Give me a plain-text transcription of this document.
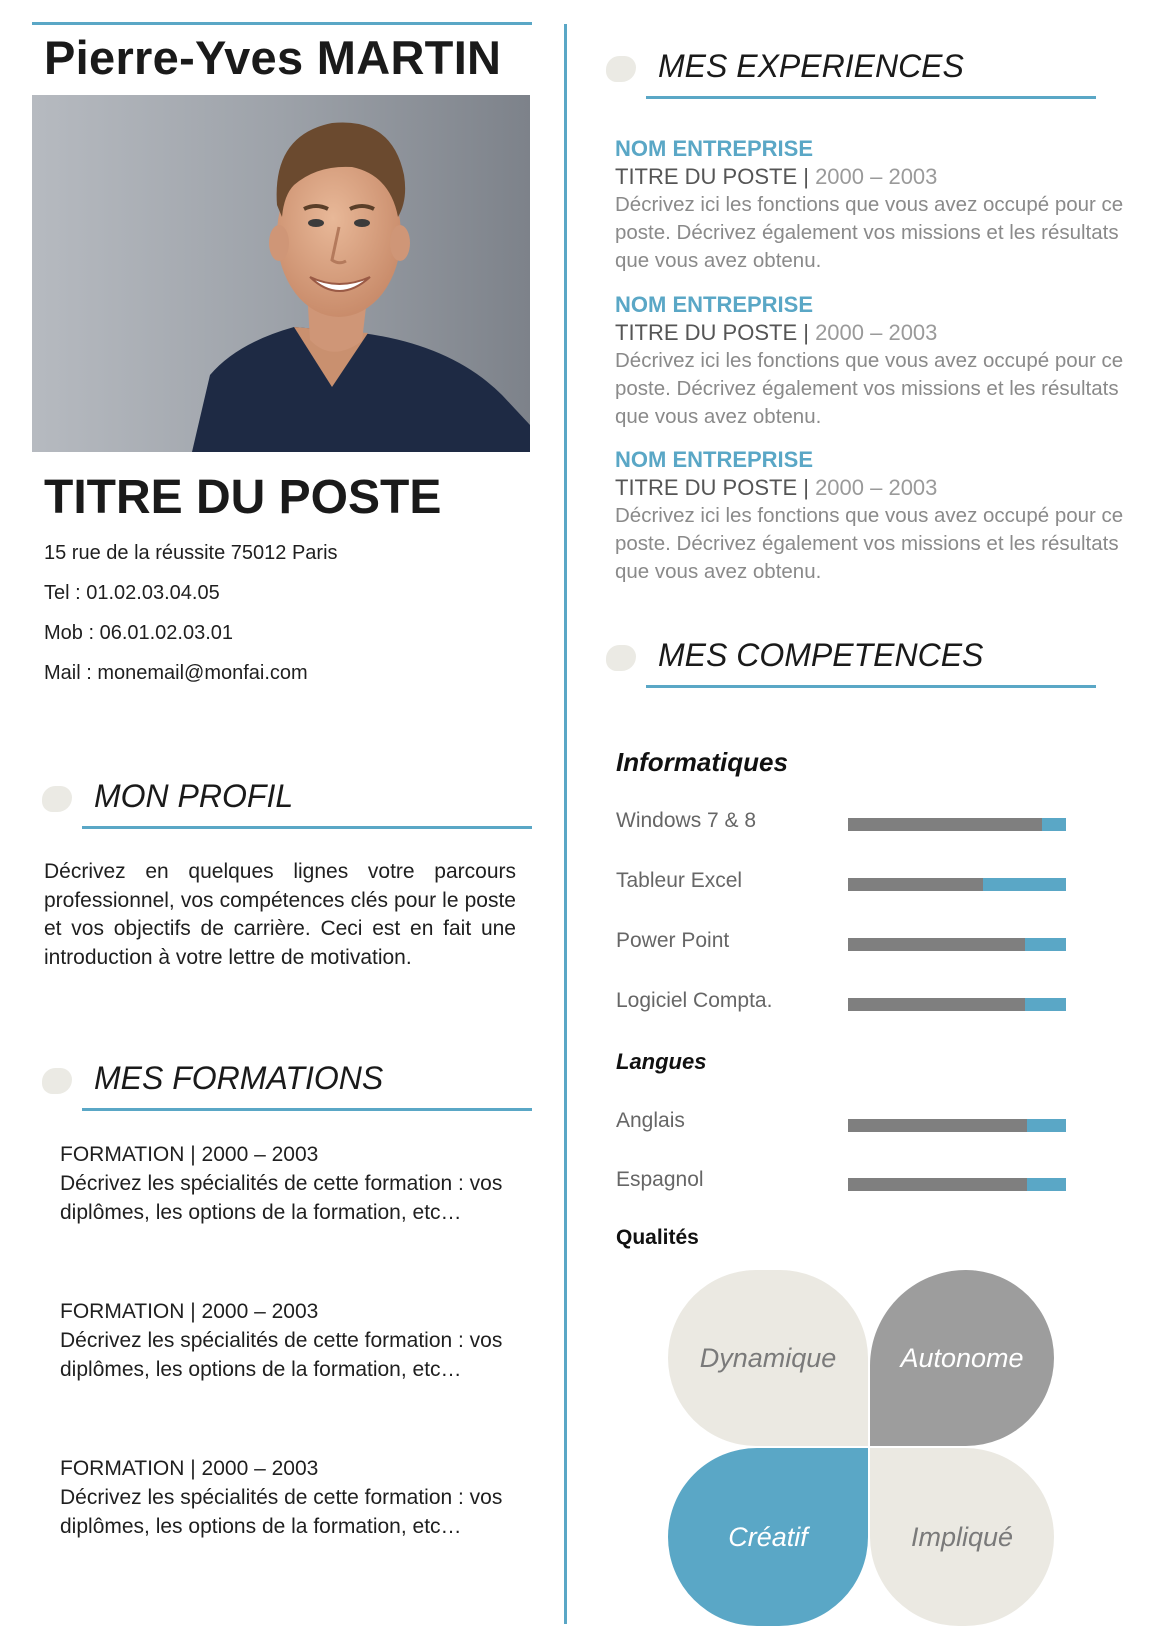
Pierre-Yves MARTIN
TITRE DU POSTE
15 rue de la réussite 75012 Paris
Tel : 01.02.03.04.05
Mob : 06.01.02.03.01
Mail : monemail@monfai.com
MON PROFIL
Décrivez en quelques lignes votre parcours professionnel, vos compétences clés pour le poste et vos objectifs de carrière. Ceci est en fait une introduction à votre lettre de motivation.
MES FORMATIONS
FORMATION | 2000 – 2003
Décrivez les spécialités de cette formation : vos diplômes, les options de la formation, etc…
FORMATION | 2000 – 2003
Décrivez les spécialités de cette formation : vos diplômes, les options de la formation, etc…
FORMATION | 2000 – 2003
Décrivez les spécialités de cette formation : vos diplômes, les options de la formation, etc…
MES EXPERIENCES
NOM ENTREPRISE
TITRE DU POSTE | 2000 – 2003
Décrivez ici les fonctions que vous avez occupé pour ce poste. Décrivez également vos missions et les résultats que vous avez obtenu.
NOM ENTREPRISE
TITRE DU POSTE | 2000 – 2003
Décrivez ici les fonctions que vous avez occupé pour ce poste. Décrivez également vos missions et les résultats que vous avez obtenu.
NOM ENTREPRISE
TITRE DU POSTE | 2000 – 2003
Décrivez ici les fonctions que vous avez occupé pour ce poste. Décrivez également vos missions et les résultats que vous avez obtenu.
MES COMPETENCES
Informatiques
Windows 7 & 8
Tableur Excel
Power Point
Logiciel Compta.
Langues
Anglais
Espagnol
Qualités
Dynamique Autonome
Créatif	Impliqué
